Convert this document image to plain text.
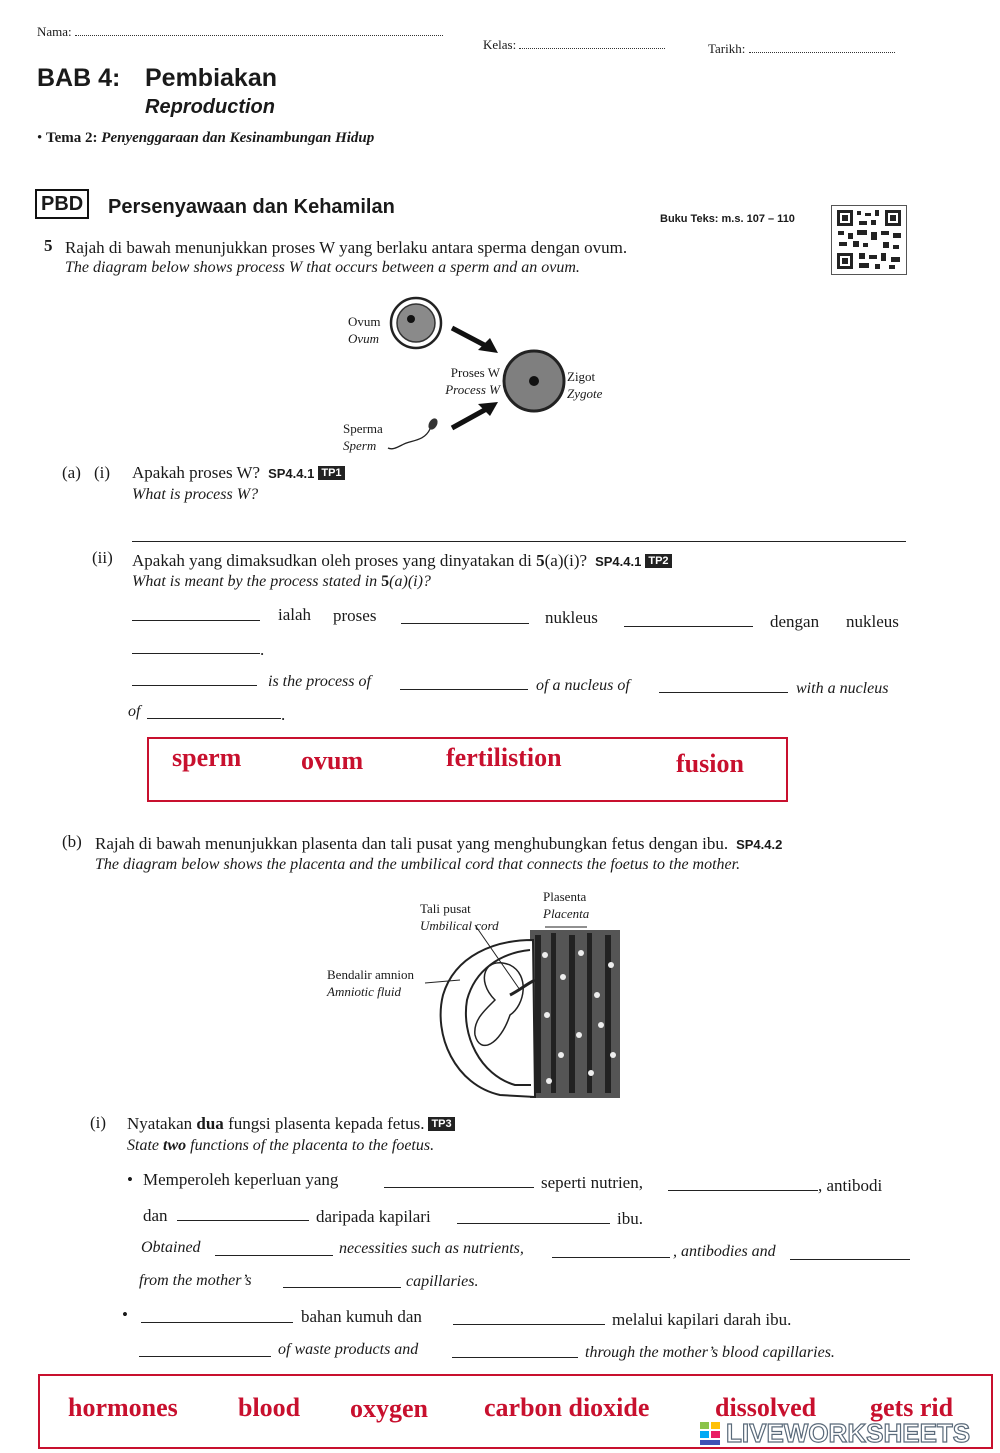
Nama:
Kelas:	Tarikh:
BAB 4: Pembiakan
Reproduction
• Tema 2: Penyenggaraan dan Kesinambungan Hidup
PBD	Persenyawaan dan Kehamilan
Buku Teks: m.s. 107 – 110
5 Rajah di bawah menunjukkan proses W yang berlaku antara sperma dengan ovum.
The diagram below shows process W that occurs between a sperm and an ovum.
Ovum
Ovum
Proses W
Process W
Zigot
Zygote
Sperma
Sperm
(a) (i) Apakah proses W? SP4.4.1 TP1
What is process W?
(ii) Apakah yang dimaksudkan oleh proses yang dinyatakan di 5(a)(i)? SP4.4.1 TP2
What is meant by the process stated in 5(a)(i)?
ialah proses	nukleus	dengan nukleus
.
is the process of	of a nucleus of	with a nucleus
of	.
sperm ovum	fertilistion	fusion
(b) Rajah di bawah menunjukkan plasenta dan tali pusat yang menghubungkan fetus dengan ibu. SP4.4.2
The diagram below shows the placenta and the umbilical cord that connects the foetus to the mother.
Tali pusat
Umbilical cord
Plasenta
Placenta
Bendalir amnion
Amniotic fluid
(i) Nyatakan dua fungsi plasenta kepada fetus. TP3
State two functions of the placenta to the foetus.
• Memperoleh keperluan yang	seperti nutrien,	, antibodi
dan	daripada kapilari	ibu.
Obtained	necessities such as nutrients,	, antibodies and
from the mother’s	capillaries.
•	bahan kumuh dan	melalui kapilari darah ibu.
of waste products and	through the mother’s blood capillaries.
hormones blood oxygen carbon dioxide	dissolved gets rid
LIVEWORKSHEETS
